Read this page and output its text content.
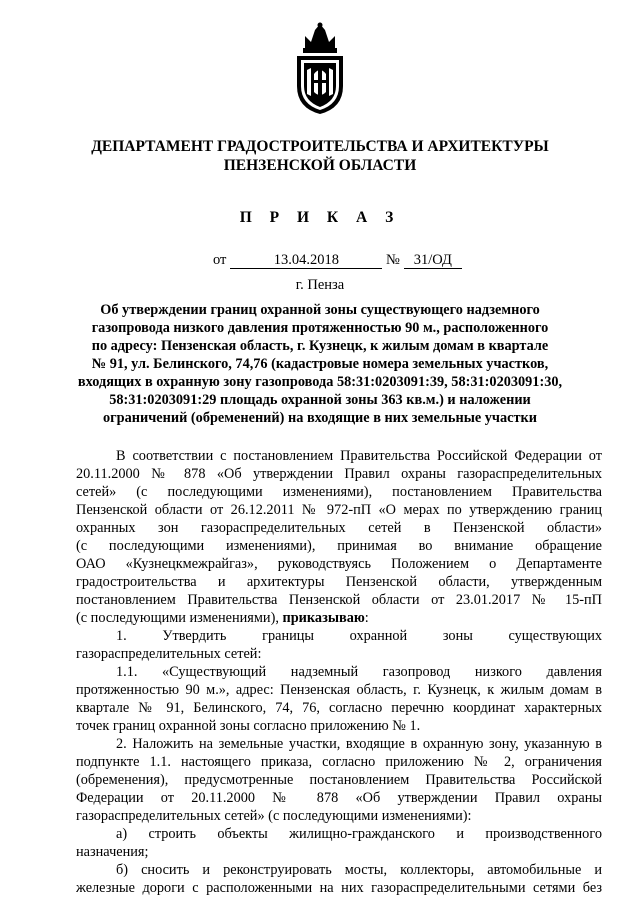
ДЕПАРТАМЕНТ ГРАДОСТРОИТЕЛЬСТВА И АРХИТЕКТУРЫ
ПЕНЗЕНСКОЙ ОБЛАСТИ
П Р И К А З
от	13.04.2018	№ 31/ОД
г. Пенза
Об утверждении границ охранной зоны существующего надземного
газопровода низкого давления протяженностью 90 м., расположенного
по адресу: Пензенская область, г. Кузнецк, к жилым домам в квартале
№ 91, ул. Белинского, 74,76 (кадастровые номера земельных участков,
входящих в охранную зону газопровода 58:31:0203091:39, 58:31:0203091:30,
58:31:0203091:29 площадь охранной зоны 363 кв.м.) и наложении
ограничений (обременений) на входящие в них земельные участки
В соответствии с постановлением Правительства Российской Федерации от
20.11.2000 № 878 «Об утверждении Правил охраны газораспределительных
сетей» (с последующими изменениями), постановлением Правительства
Пензенской области от 26.12.2011 № 972-пП «О мерах по утверждению границ
охранных зон газораспределительных сетей в Пензенской области»
(с последующими изменениями), принимая во внимание обращение
ОАО «Кузнецкмежрайгаз», руководствуясь Положением о Департаменте
градостроительства и архитектуры Пензенской области, утвержденным
постановлением Правительства Пензенской области от 23.01.2017 № 15-пП
(с последующими изменениями), приказываю:
1. Утвердить границы охранной зоны существующих
газораспределительных сетей:
1.1. «Существующий надземный газопровод низкого давления
протяженностью 90 м.», адрес: Пензенская область, г. Кузнецк, к жилым домам в
квартале № 91, Белинского, 74, 76, согласно перечню координат характерных
точек границ охранной зоны согласно приложению № 1.
2. Наложить на земельные участки, входящие в охранную зону, указанную в
подпункте 1.1. настоящего приказа, согласно приложению № 2, ограничения
(обременения), предусмотренные постановлением Правительства Российской
Федерации от 20.11.2000 № 878 «Об утверждении Правил охраны
газораспределительных сетей» (с последующими изменениями):
а) строить объекты жилищно-гражданского и производственного
назначения;
б) сносить и реконструировать мосты, коллекторы, автомобильные и
железные дороги с расположенными на них газораспределительными сетями без
